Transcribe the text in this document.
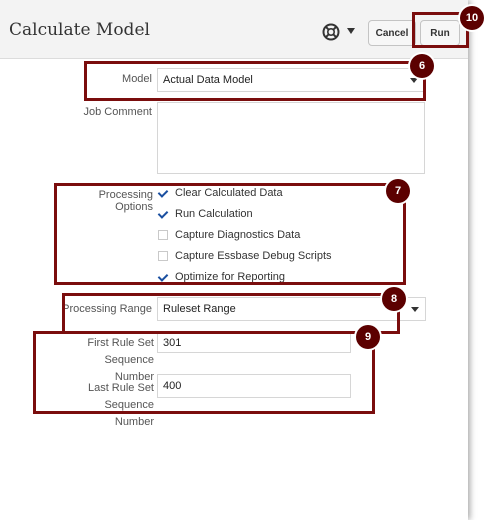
Calculate Model	Cancel	Run
Model Actual Data Model
Job Comment
Processing Options
Clear Calculated Data
Run Calculation
Capture Diagnostics Data
Capture Essbase Debug Scripts
Optimize for Reporting
Processing Range Ruleset Range
First Rule Set Sequence
Number
301
Last Rule Set Sequence
Number
400
6
7
8
9
10
